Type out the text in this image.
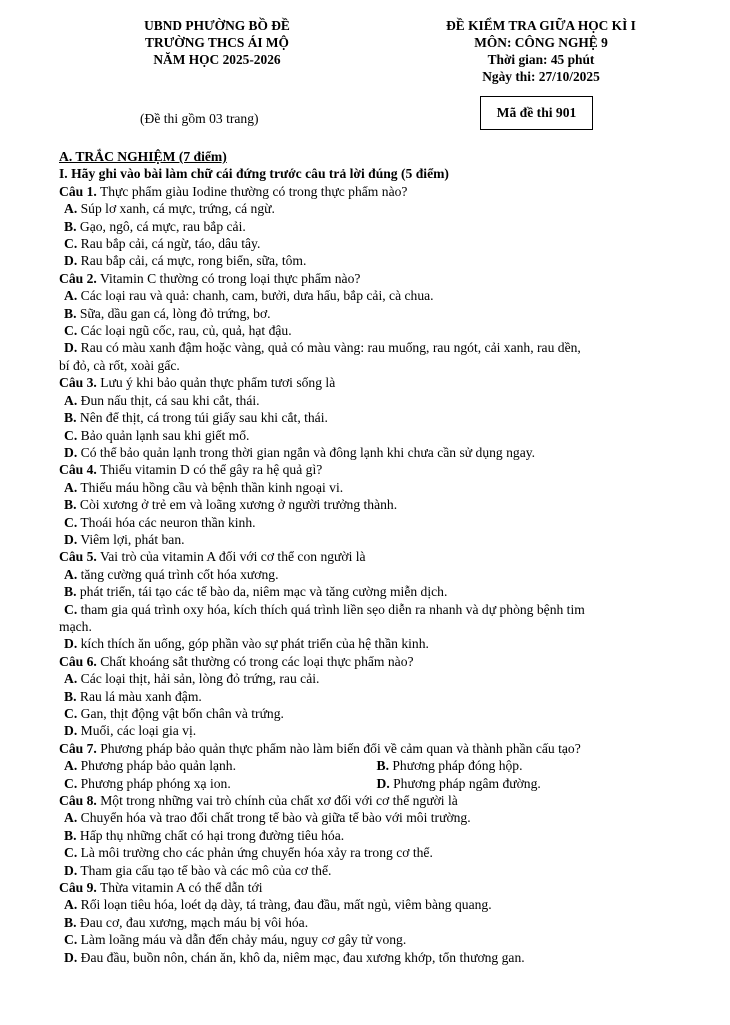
UBND PHƯỜNG BỒ ĐỀ
TRƯỜNG THCS ÁI MỘ
NĂM HỌC 2025-2026
ĐỀ KIỂM TRA GIỮA HỌC KÌ I
MÔN: CÔNG NGHỆ 9
Thời gian: 45 phút
Ngày thi: 27/10/2025
(Đề thi gồm 03 trang)	Mã đề thi 901
A. TRẮC NGHIỆM (7 điểm)
I. Hãy ghi vào bài làm chữ cái đứng trước câu trả lời đúng (5 điểm)
Câu 1. Thực phẩm giàu Iodine thường có trong thực phẩm nào?
A. Súp lơ xanh, cá mực, trứng, cá ngừ.
B. Gạo, ngô, cá mực, rau bắp cải.
C. Rau bắp cải, cá ngừ, táo, dâu tây.
D. Rau bắp cải, cá mực, rong biển, sữa, tôm.
Câu 2. Vitamin C thường có trong loại thực phẩm nào?
A. Các loại rau và quả: chanh, cam, bưởi, dưa hấu, bắp cải, cà chua.
B. Sữa, dầu gan cá, lòng đỏ trứng, bơ.
C. Các loại ngũ cốc, rau, củ, quả, hạt đậu.
D. Rau có màu xanh đậm hoặc vàng, quả có màu vàng: rau muống, rau ngót, cải xanh, rau dền,
bí đỏ, cà rốt, xoài gấc.
Câu 3. Lưu ý khi bảo quản thực phẩm tươi sống là
A. Đun nấu thịt, cá sau khi cắt, thái.
B. Nên để thịt, cá trong túi giấy sau khi cắt, thái.
C. Bảo quản lạnh sau khi giết mổ.
D. Có thể bảo quản lạnh trong thời gian ngắn và đông lạnh khi chưa cần sử dụng ngay.
Câu 4. Thiếu vitamin D có thể gây ra hệ quả gì?
A. Thiếu máu hồng cầu và bệnh thần kinh ngoại vi.
B. Còi xương ở trẻ em và loãng xương ở người trưởng thành.
C. Thoái hóa các neuron thần kinh.
D. Viêm lợi, phát ban.
Câu 5. Vai trò của vitamin A đối với cơ thể con người là
A. tăng cường quá trình cốt hóa xương.
B. phát triển, tái tạo các tế bào da, niêm mạc và tăng cường miễn dịch.
C. tham gia quá trình oxy hóa, kích thích quá trình liền sẹo diễn ra nhanh và dự phòng bệnh tim
mạch.
D. kích thích ăn uống, góp phần vào sự phát triển của hệ thần kinh.
Câu 6. Chất khoáng sắt thường có trong các loại thực phẩm nào?
A. Các loại thịt, hải sản, lòng đỏ trứng, rau cải.
B. Rau lá màu xanh đậm.
C. Gan, thịt động vật bốn chân và trứng.
D. Muối, các loại gia vị.
Câu 7. Phương pháp bảo quản thực phẩm nào làm biến đổi về cảm quan và thành phần cấu tạo?
A. Phương pháp bảo quản lạnh.	B. Phương pháp đóng hộp.
C. Phương pháp phóng xạ ion.	D. Phương pháp ngâm đường.
Câu 8. Một trong những vai trò chính của chất xơ đối với cơ thể người là
A. Chuyển hóa và trao đổi chất trong tế bào và giữa tế bào với môi trường.
B. Hấp thụ những chất có hại trong đường tiêu hóa.
C. Là môi trường cho các phản ứng chuyển hóa xảy ra trong cơ thể.
D. Tham gia cấu tạo tế bào và các mô của cơ thể.
Câu 9. Thừa vitamin A có thể dẫn tới
A. Rối loạn tiêu hóa, loét dạ dày, tá tràng, đau đầu, mất ngủ, viêm bàng quang.
B. Đau cơ, đau xương, mạch máu bị vôi hóa.
C. Làm loãng máu và dẫn đến chảy máu, nguy cơ gây tử vong.
D. Đau đầu, buồn nôn, chán ăn, khô da, niêm mạc, đau xương khớp, tổn thương gan.
